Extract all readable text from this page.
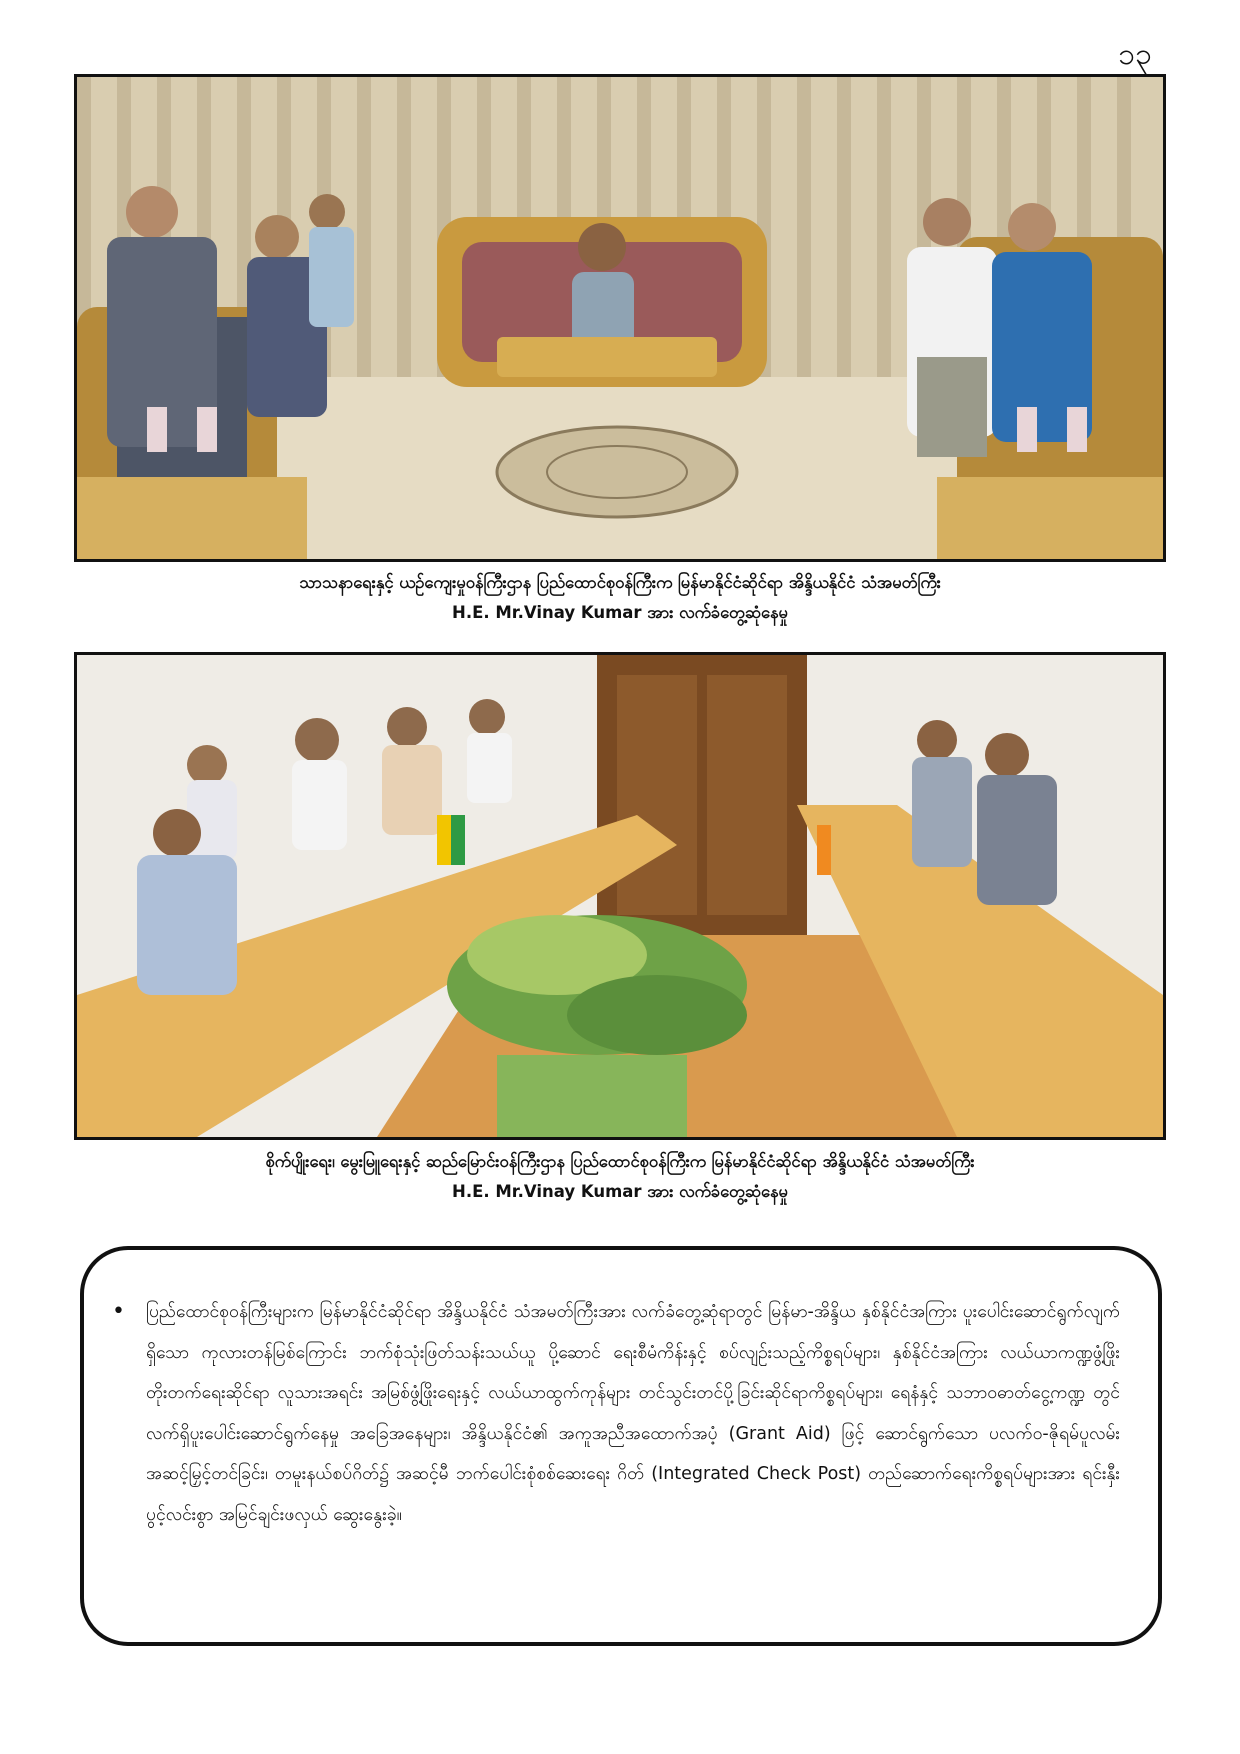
၁၃
သာသနာရေးနှင့် ယဉ်ကျေးမှုဝန်ကြီးဌာန ပြည်ထောင်စုဝန်ကြီးက မြန်မာနိုင်ငံဆိုင်ရာ အိန္ဒိယနိုင်ငံ သံအမတ်ကြီး
H.E. Mr.Vinay Kumar အား လက်ခံတွေ့ဆုံနေမှု
စိုက်ပျိုးရေး၊ မွေးမြူရေးနှင့် ဆည်မြောင်းဝန်ကြီးဌာန ပြည်ထောင်စုဝန်ကြီးက မြန်မာနိုင်ငံဆိုင်ရာ အိန္ဒိယနိုင်ငံ သံအမတ်ကြီး
H.E. Mr.Vinay Kumar အား လက်ခံတွေ့ဆုံနေမှု
•	ပြည်ထောင်စုဝန်ကြီးများက မြန်မာနိုင်ငံဆိုင်ရာ အိန္ဒိယနိုင်ငံ သံအမတ်ကြီးအား လက်ခံတွေ့ဆုံရာတွင် မြန်မာ-အိန္ဒိယ နှစ်နိုင်ငံအကြား ပူးပေါင်းဆောင်ရွက်လျက်ရှိသော ကုလားတန်မြစ်ကြောင်း ဘက်စုံသုံးဖြတ်သန်းသယ်ယူ ပို့ဆောင် ရေးစီမံကိန်းနှင့် စပ်လျဉ်းသည့်ကိစ္စရပ်များ၊ နှစ်နိုင်ငံအကြား လယ်ယာကဏ္ဍဖွံ့ဖြိုးတိုးတက်ရေးဆိုင်ရာ လူသားအရင်း အမြစ်ဖွံ့ဖြိုးရေးနှင့် လယ်ယာထွက်ကုန်များ တင်သွင်းတင်ပို့ခြင်းဆိုင်ရာကိစ္စရပ်များ၊ ရေနံနှင့် သဘာဝဓာတ်ငွေ့ကဏ္ဍ တွင် လက်ရှိပူးပေါင်းဆောင်ရွက်နေမှု အခြေအနေများ၊ အိန္ဒိယနိုင်ငံ၏ အကူအညီအထောက်အပံ့ (Grant Aid) ဖြင့် ဆောင်ရွက်သော ပလက်ဝ-ဇိုရမ်ပူလမ်း အဆင့်မြှင့်တင်ခြင်း၊ တမူးနယ်စပ်ဂိတ်၌ အဆင့်မီ ဘက်ပေါင်းစုံစစ်ဆေးရေး ဂိတ် (Integrated Check Post) တည်ဆောက်ရေးကိစ္စရပ်များအား ရင်းနှီးပွင့်လင်းစွာ အမြင်ချင်းဖလှယ် ဆွေးနွေးခဲ့။
